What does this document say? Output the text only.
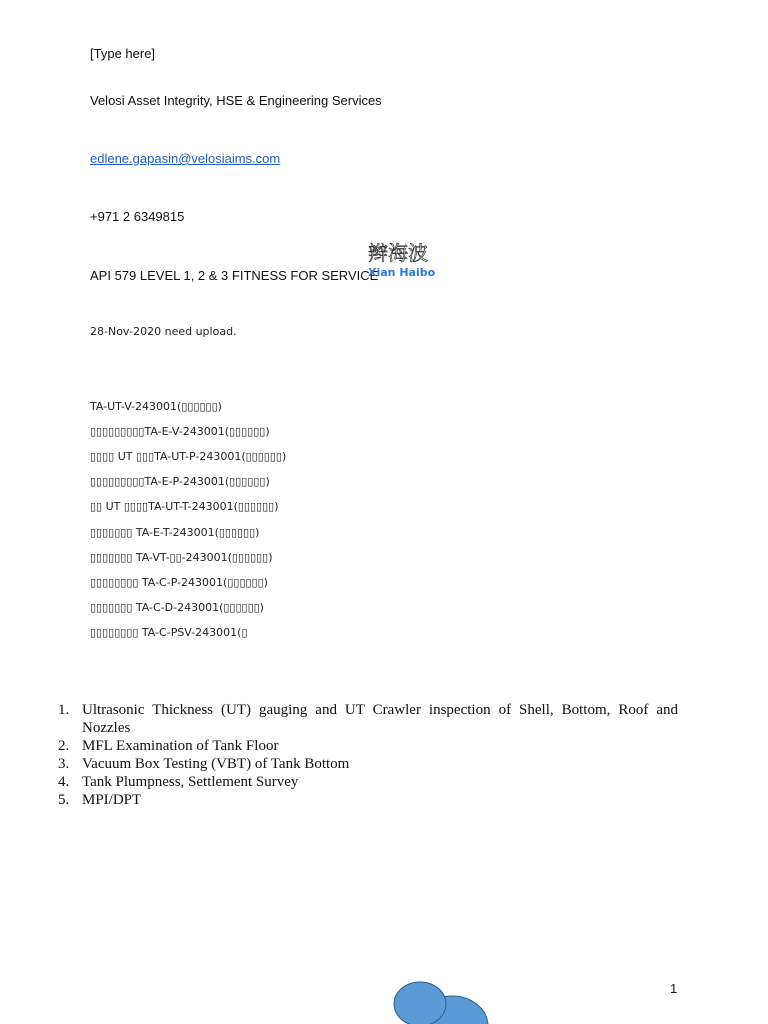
[Type here]
Velosi Asset Integrity, HSE & Engineering Services
edlene.gapasin@velosiaims.com
+971 2 6349815
API 579 LEVEL 1, 2 & 3 FITNESS FOR SERVICE
辫海波
Xian Haibo
28-Nov-2020 need upload.
TA-UT-V-243001(▯▯▯▯▯▯)
▯▯▯▯▯▯▯▯▯TA-E-V-243001(▯▯▯▯▯▯)
▯▯▯▯ UT ▯▯▯TA-UT-P-243001(▯▯▯▯▯▯)
▯▯▯▯▯▯▯▯▯TA-E-P-243001(▯▯▯▯▯▯)
▯▯ UT ▯▯▯▯TA-UT-T-243001(▯▯▯▯▯▯)
▯▯▯▯▯▯▯ TA-E-T-243001(▯▯▯▯▯▯)
▯▯▯▯▯▯▯ TA-VT-▯▯-243001(▯▯▯▯▯▯)
▯▯▯▯▯▯▯▯ TA-C-P-243001(▯▯▯▯▯▯)
▯▯▯▯▯▯▯ TA-C-D-243001(▯▯▯▯▯▯)
▯▯▯▯▯▯▯▯ TA-C-PSV-243001(▯
1. Ultrasonic Thickness (UT) gauging and UT Crawler inspection of Shell, Bottom, Roof and Nozzles
2. MFL Examination of Tank Floor
3. Vacuum Box Testing (VBT) of Tank Bottom
4. Tank Plumpness, Settlement Survey
5. MPI/DPT
1
